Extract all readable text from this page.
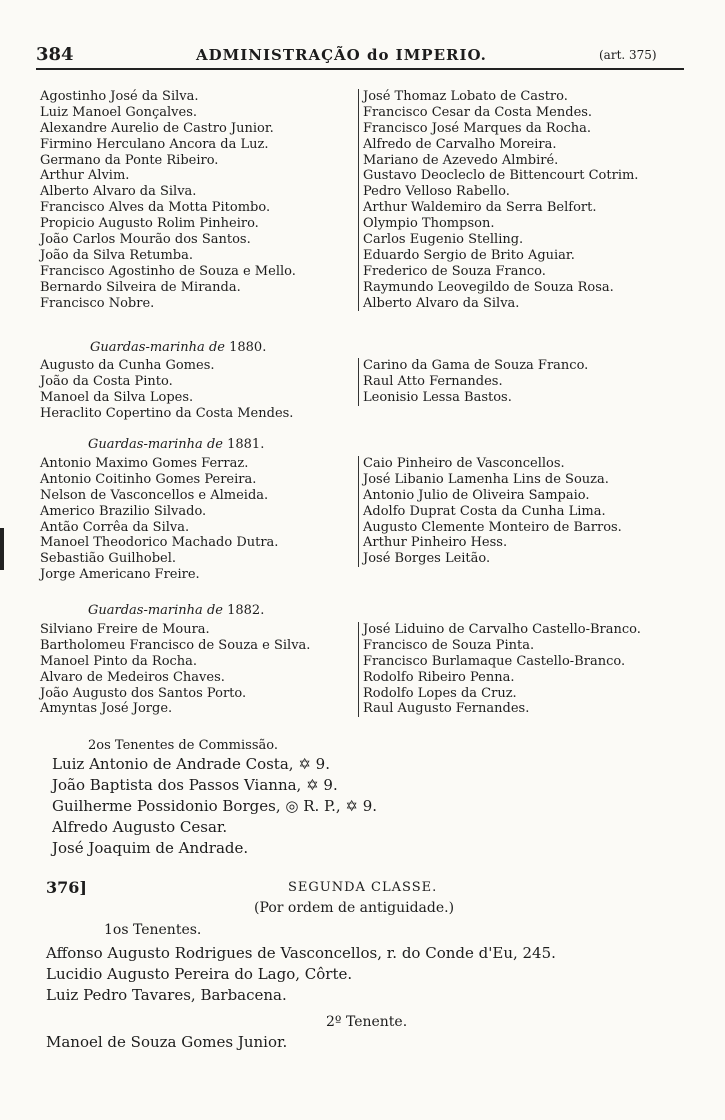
384	ADMINISTRAÇÃO do IMPERIO.	(art. 375)
Agostinho José da Silva.
Luiz Manoel Gonçalves.
Alexandre Aurelio de Castro Junior.
Firmino Herculano Ancora da Luz.
Germano da Ponte Ribeiro.
Arthur Alvim.
Alberto Alvaro da Silva.
Francisco Alves da Motta Pitombo.
Propicio Augusto Rolim Pinheiro.
João Carlos Mourão dos Santos.
João da Silva Retumba.
Francisco Agostinho de Souza e Mello.
Bernardo Silveira de Miranda.
Francisco Nobre.
José Thomaz Lobato de Castro.
Francisco Cesar da Costa Mendes.
Francisco José Marques da Rocha.
Alfredo de Carvalho Moreira.
Mariano de Azevedo Almbiré.
Gustavo Deocleclo de Bittencourt Cotrim.
Pedro Velloso Rabello.
Arthur Waldemiro da Serra Belfort.
Olympio Thompson.
Carlos Eugenio Stelling.
Eduardo Sergio de Brito Aguiar.
Frederico de Souza Franco.
Raymundo Leovegildo de Souza Rosa.
Alberto Alvaro da Silva.
Guardas-marinha de 1880.
Augusto da Cunha Gomes.
João da Costa Pinto.
Manoel da Silva Lopes.
Heraclito Copertino da Costa Mendes.
Carino da Gama de Souza Franco.
Raul Atto Fernandes.
Leonisio Lessa Bastos.
Guardas-marinha de 1881.
Antonio Maximo Gomes Ferraz.
Antonio Coitinho Gomes Pereira.
Nelson de Vasconcellos e Almeida.
Americo Brazilio Silvado.
Antão Corrêa da Silva.
Manoel Theodorico Machado Dutra.
Sebastião Guilhobel.
Jorge Americano Freire.
Caio Pinheiro de Vasconcellos.
José Libanio Lamenha Lins de Souza.
Antonio Julio de Oliveira Sampaio.
Adolfo Duprat Costa da Cunha Lima.
Augusto Clemente Monteiro de Barros.
Arthur Pinheiro Hess.
José Borges Leitão.
Guardas-marinha de 1882.
Silviano Freire de Moura.
Bartholomeu Francisco de Souza e Silva.
Manoel Pinto da Rocha.
Alvaro de Medeiros Chaves.
João Augusto dos Santos Porto.
Amyntas José Jorge.
José Liduino de Carvalho Castello-Branco.
Francisco de Souza Pinta.
Francisco Burlamaque Castello-Branco.
Rodolfo Ribeiro Penna.
Rodolfo Lopes da Cruz.
Raul Augusto Fernandes.
2os Tenentes de Commissão.
Luiz Antonio de Andrade Costa, ✡ 9.
João Baptista dos Passos Vianna, ✡ 9.
Guilherme Possidonio Borges, ◎ R. P., ✡ 9.
Alfredo Augusto Cesar.
José Joaquim de Andrade.
376]	SEGUNDA CLASSE.
(Por ordem de antiguidade.)
1os Tenentes.
Affonso Augusto Rodrigues de Vasconcellos, r. do Conde d'Eu, 245.
Lucidio Augusto Pereira do Lago, Côrte.
Luiz Pedro Tavares, Barbacena.
2º Tenente.
Manoel de Souza Gomes Junior.
